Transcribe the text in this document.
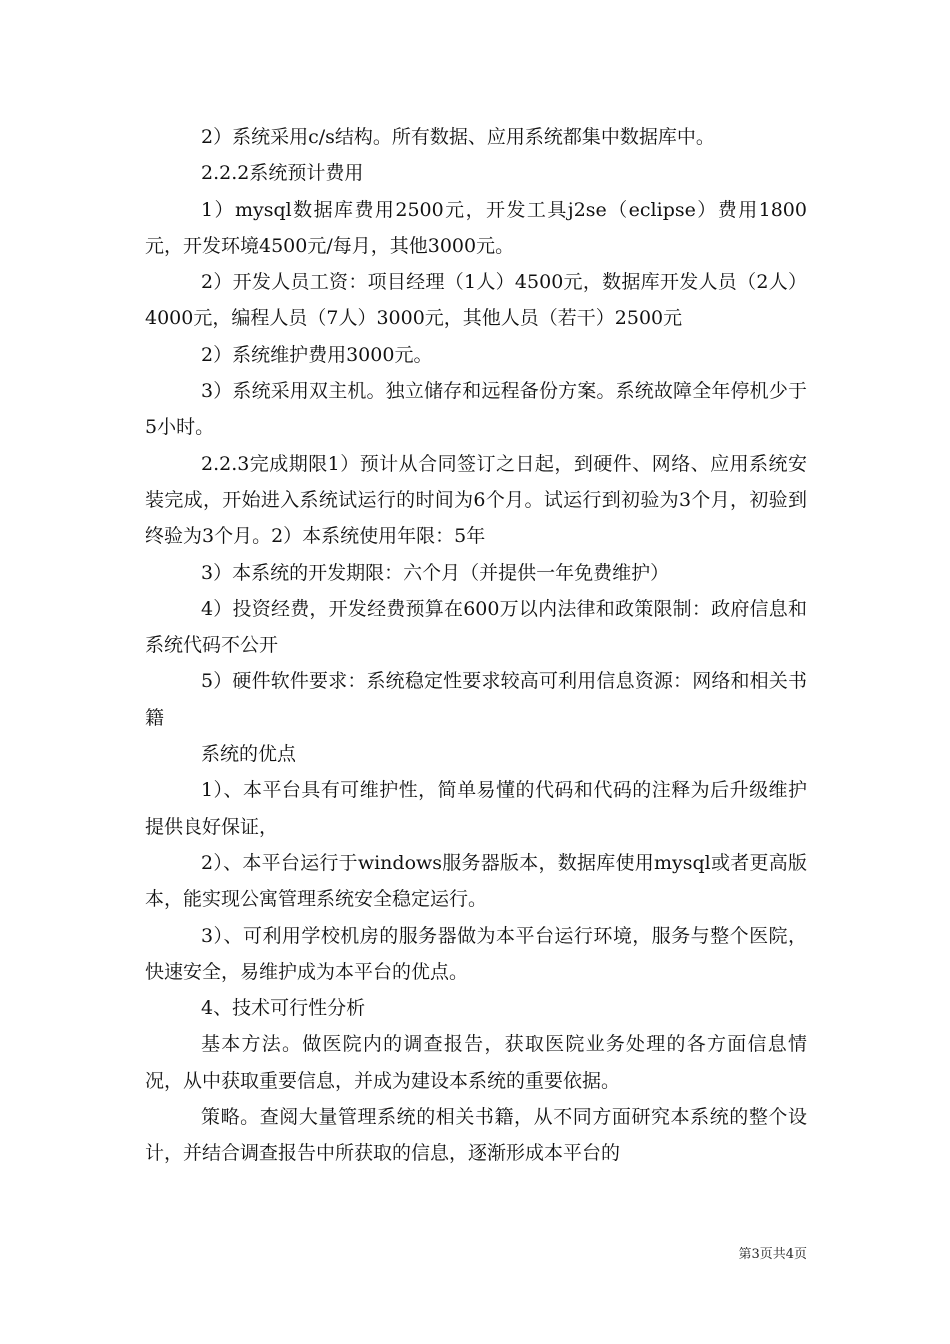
2）系统采用c/s结构。所有数据、应用系统都集中数据库中。

2.2.2系统预计费用

1）mysql数据库费用2500元，开发工具j2se（eclipse）费用1800元，开发环境4500元/每月，其他3000元。

2）开发人员工资：项目经理（1人）4500元，数据库开发人员（2人）4000元，编程人员（7人）3000元，其他人员（若干）2500元

2）系统维护费用3000元。

3）系统采用双主机。独立储存和远程备份方案。系统故障全年停机少于5小时。

2.2.3完成期限1）预计从合同签订之日起，到硬件、网络、应用系统安装完成，开始进入系统试运行的时间为6个月。试运行到初验为3个月，初验到终验为3个月。2）本系统使用年限：5年

3）本系统的开发期限：六个月（并提供一年免费维护）

4）投资经费，开发经费预算在600万以内法律和政策限制：政府信息和系统代码不公开

5）硬件软件要求：系统稳定性要求较高可利用信息资源：网络和相关书籍

系统的优点

1）、本平台具有可维护性，简单易懂的代码和代码的注释为后升级维护提供良好保证，

2）、本平台运行于windows服务器版本，数据库使用mysql或者更高版本，能实现公寓管理系统安全稳定运行。

3）、可利用学校机房的服务器做为本平台运行环境，服务与整个医院，快速安全，易维护成为本平台的优点。

4、技术可行性分析

基本方法。做医院内的调查报告，获取医院业务处理的各方面信息情况，从中获取重要信息，并成为建设本系统的重要依据。

策略。查阅大量管理系统的相关书籍，从不同方面研究本系统的整个设计，并结合调查报告中所获取的信息，逐渐形成本平台的

第3页共4页
